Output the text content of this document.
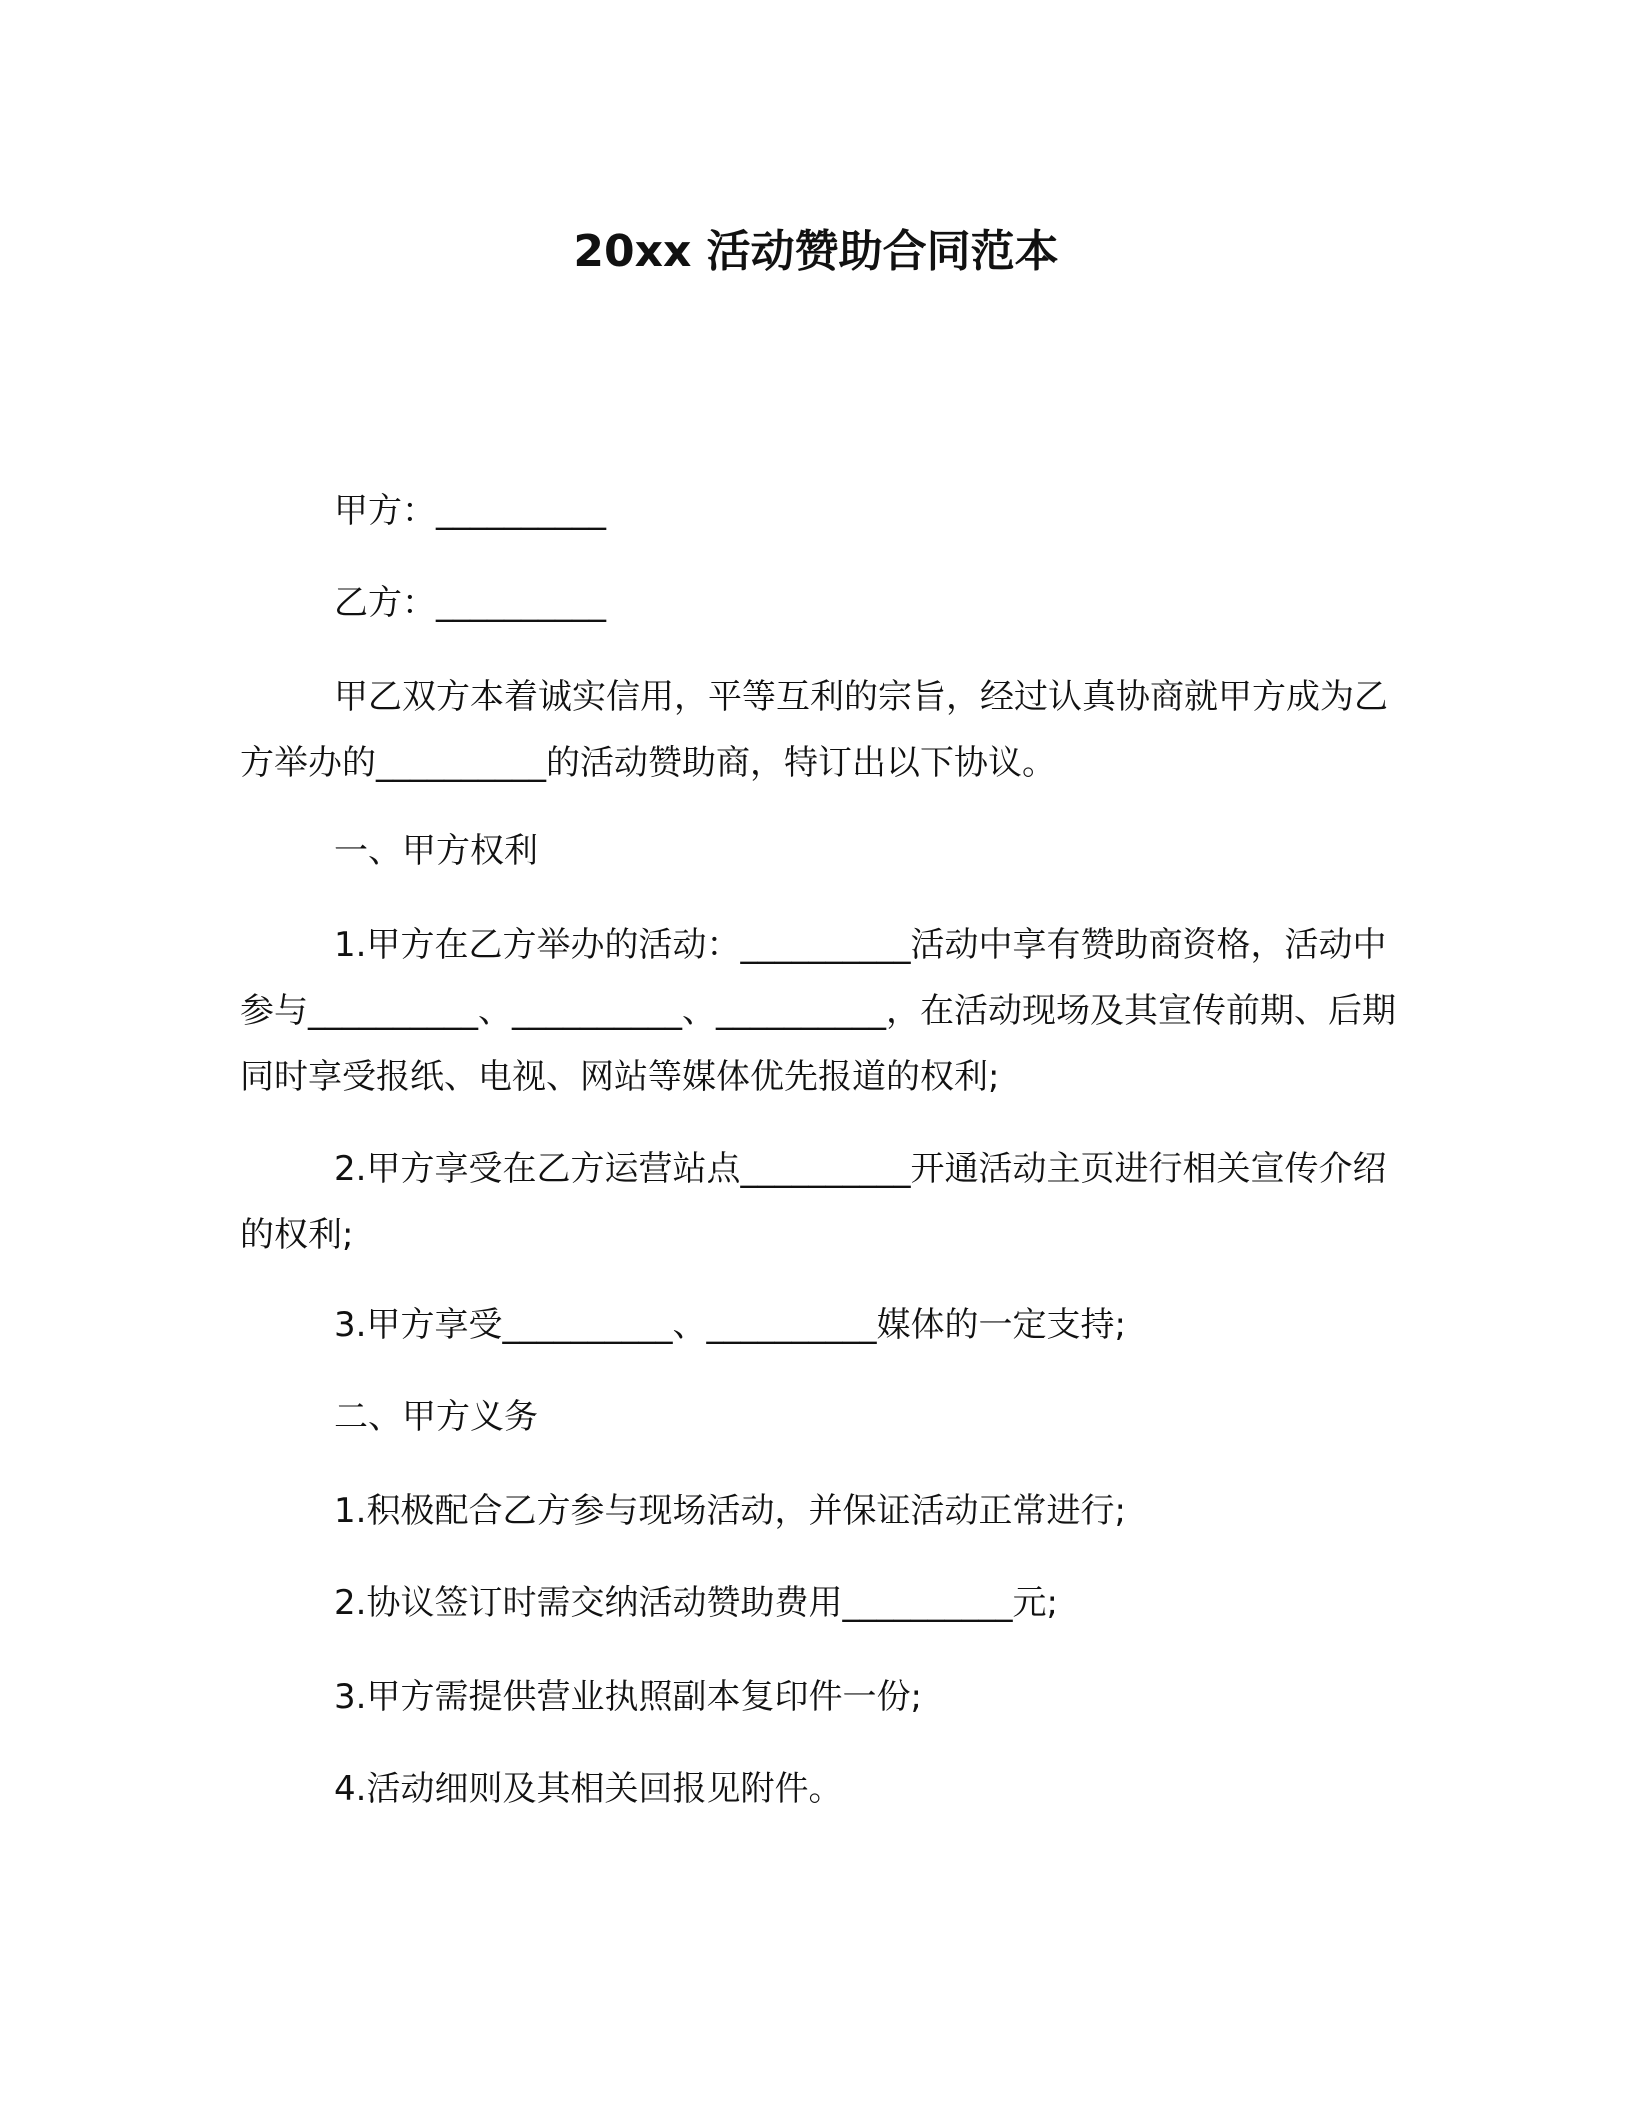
20xx 活动赞助合同范本

甲方：__________

乙方：__________

甲乙双方本着诚实信用，平等互利的宗旨，经过认真协商就甲方成为乙方举办的__________的活动赞助商，特订出以下协议。

一、甲方权利

1.甲方在乙方举办的活动：__________活动中享有赞助商资格，活动中参与__________、__________、__________，在活动现场及其宣传前期、后期同时享受报纸、电视、网站等媒体优先报道的权利;

2.甲方享受在乙方运营站点__________开通活动主页进行相关宣传介绍的权利;

3.甲方享受__________、__________媒体的一定支持;

二、甲方义务

1.积极配合乙方参与现场活动，并保证活动正常进行;

2.协议签订时需交纳活动赞助费用__________元;

3.甲方需提供营业执照副本复印件一份;

4.活动细则及其相关回报见附件。
